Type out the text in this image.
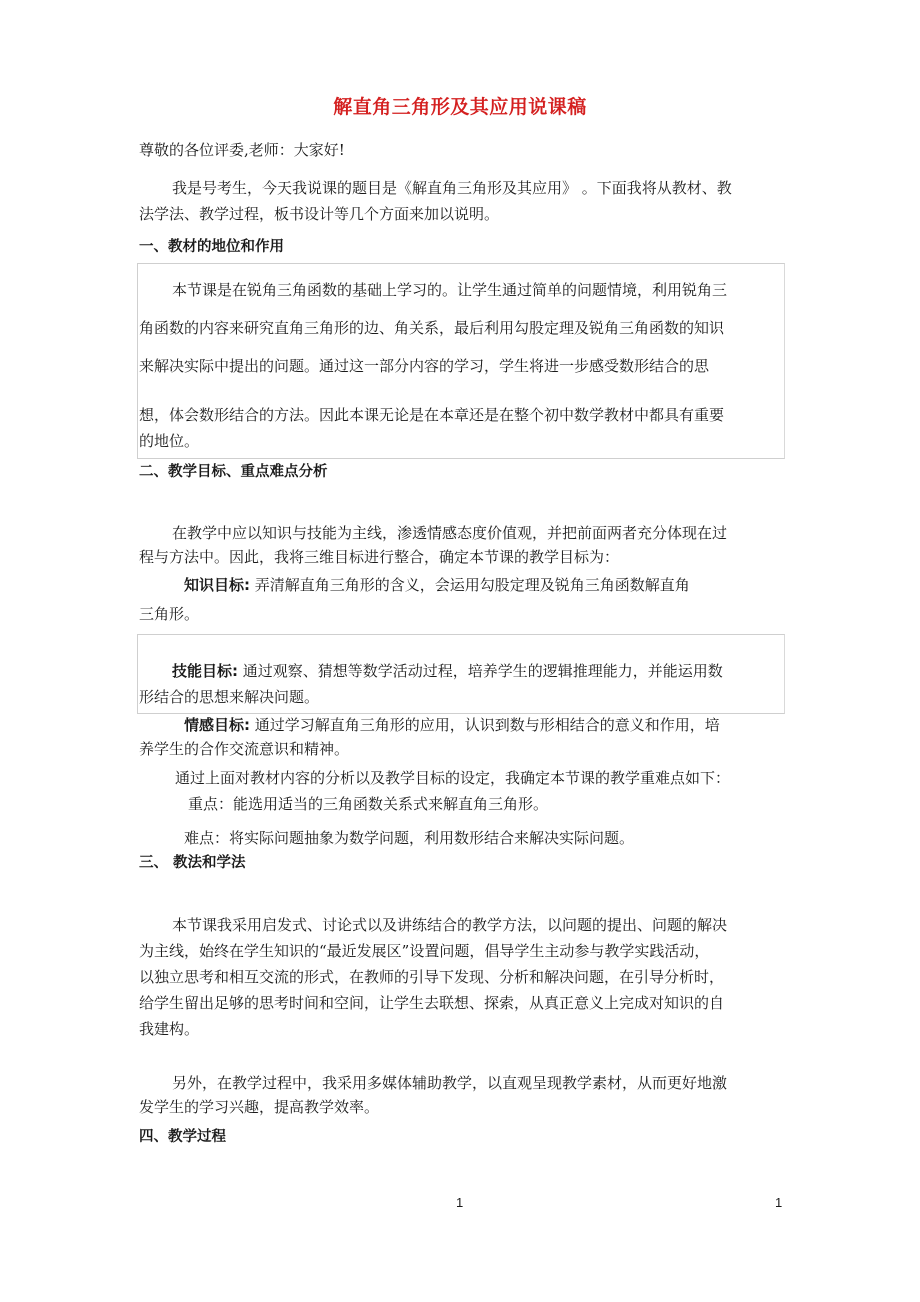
解直角三角形及其应用说课稿
尊敬的各位评委,老师：大家好!
我是号考生，今天我说课的题目是《解直角三角形及其应用》 。下面我将从教材、教
法学法、教学过程，板书设计等几个方面来加以说明。
一、教材的地位和作用
本节课是在锐角三角函数的基础上学习的。让学生通过简单的问题情境，利用锐角三
角函数的内容来研究直角三角形的边、角关系，最后利用勾股定理及锐角三角函数的知识
来解决实际中提出的问题。通过这一部分内容的学习，学生将进一步感受数形结合的思
想，体会数形结合的方法。因此本课无论是在本章还是在整个初中数学教材中都具有重要
的地位。
二、教学目标、重点难点分析
在教学中应以知识与技能为主线，渗透情感态度价值观，并把前面两者充分体现在过
程与方法中。因此，我将三维目标进行整合，确定本节课的教学目标为：
知识目标: 弄清解直角三角形的含义，会运用勾股定理及锐角三角函数解直角
三角形。
技能目标: 通过观察、猜想等数学活动过程，培养学生的逻辑推理能力，并能运用数
形结合的思想来解决问题。
情感目标: 通过学习解直角三角形的应用，认识到数与形相结合的意义和作用，培
养学生的合作交流意识和精神。
通过上面对教材内容的分析以及教学目标的设定，我确定本节课的教学重难点如下：
重点：能选用适当的三角函数关系式来解直角三角形。
难点：将实际问题抽象为数学问题，利用数形结合来解决实际问题。
三、 教法和学法
本节课我采用启发式、讨论式以及讲练结合的教学方法，以问题的提出、问题的解决
为主线，始终在学生知识的“最近发展区”设置问题，倡导学生主动参与教学实践活动，
以独立思考和相互交流的形式，在教师的引导下发现、分析和解决问题，在引导分析时，
给学生留出足够的思考时间和空间，让学生去联想、探索，从真正意义上完成对知识的自
我建构。
另外，在教学过程中，我采用多媒体辅助教学，以直观呈现教学素材，从而更好地激
发学生的学习兴趣，提高教学效率。
四、教学过程
1	1
